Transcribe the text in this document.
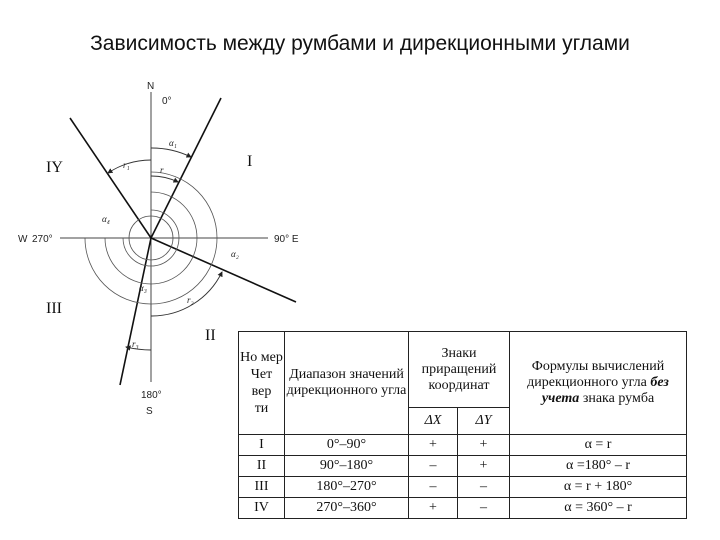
Зависимость между румбами и дирекционными углами
N
0°
90° E
W 270°
180°
S
IY	I
III
II
α₁
r
r₁
α₄
α₂
α₃
r₂
r₃
Но мер
Чет
вер
ти	Диапазон значений дирекционного угла	Знаки приращений координат		Формулы вычислений дирекционного угла без учета знака румба
		ΔX	ΔY	
I	0°–90°	+	+	α = r
II	90°–180°	–	+	α =180° – r
III	180°–270°	–	–	α = r + 180°
IV	270°–360°	+	–	α = 360° – r
